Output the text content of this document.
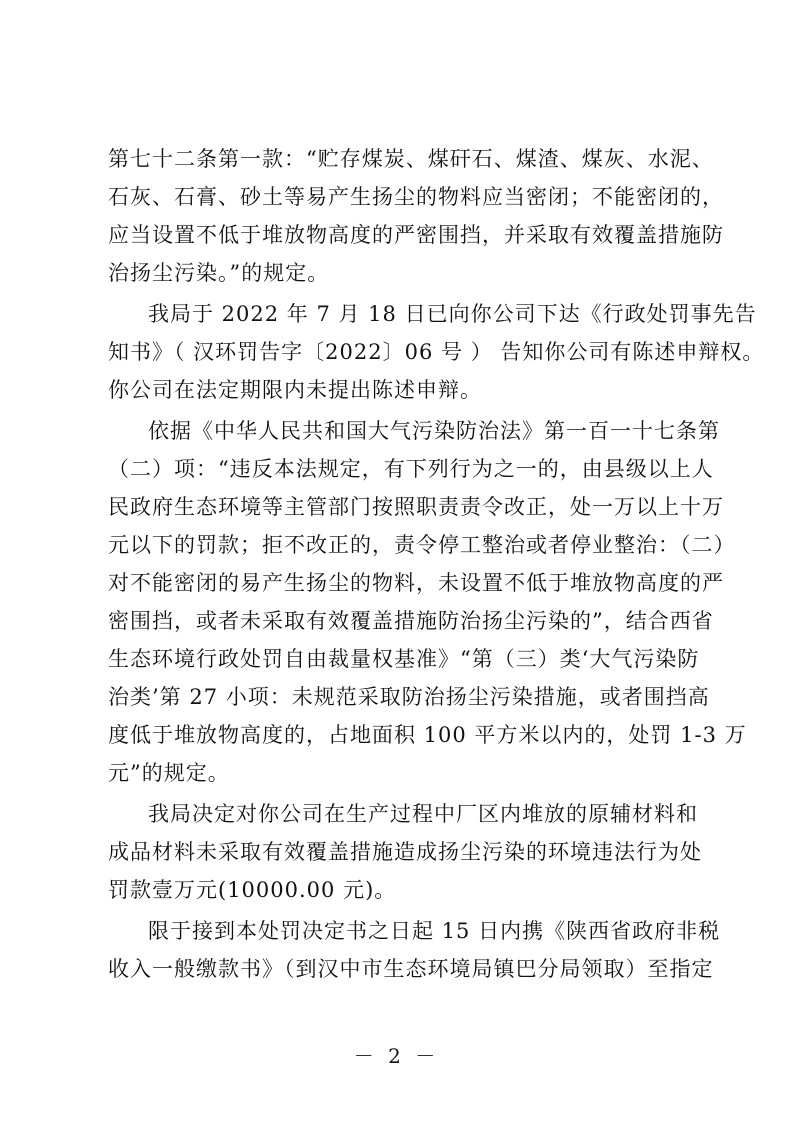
第七十二条第一款：“贮存煤炭、煤矸石、煤渣、煤灰、水泥、
石灰、石膏、砂土等易产生扬尘的物料应当密闭；不能密闭的，
应当设置不低于堆放物高度的严密围挡，并采取有效覆盖措施防
治扬尘污染。”的规定。
我局于 2022 年 7 月 18 日已向你公司下达《行政处罚事先告
知书》（ 汉环罚告字〔2022〕06 号 ） 告知你公司有陈述申辩权。
你公司在法定期限内未提出陈述申辩。
依据《中华人民共和国大气污染防治法》第一百一十七条第
（二）项：“违反本法规定，有下列行为之一的，由县级以上人
民政府生态环境等主管部门按照职责责令改正，处一万以上十万
元以下的罚款；拒不改正的，责令停工整治或者停业整治：（二）
对不能密闭的易产生扬尘的物料，未设置不低于堆放物高度的严
密围挡，或者未采取有效覆盖措施防治扬尘污染的”，结合西省
生态环境行政处罚自由裁量权基准》“第（三）类‘大气污染防
治类’第 27 小项：未规范采取防治扬尘污染措施，或者围挡高
度低于堆放物高度的，占地面积 100 平方米以内的，处罚 1-3 万
元”的规定。
我局决定对你公司在生产过程中厂区内堆放的原辅材料和
成品材料未采取有效覆盖措施造成扬尘污染的环境违法行为处
罚款壹万元(10000.00 元)。
限于接到本处罚决定书之日起 15 日内携《陕西省政府非税
收入一般缴款书》（到汉中市生态环境局镇巴分局领取）至指定
－ 2 －
